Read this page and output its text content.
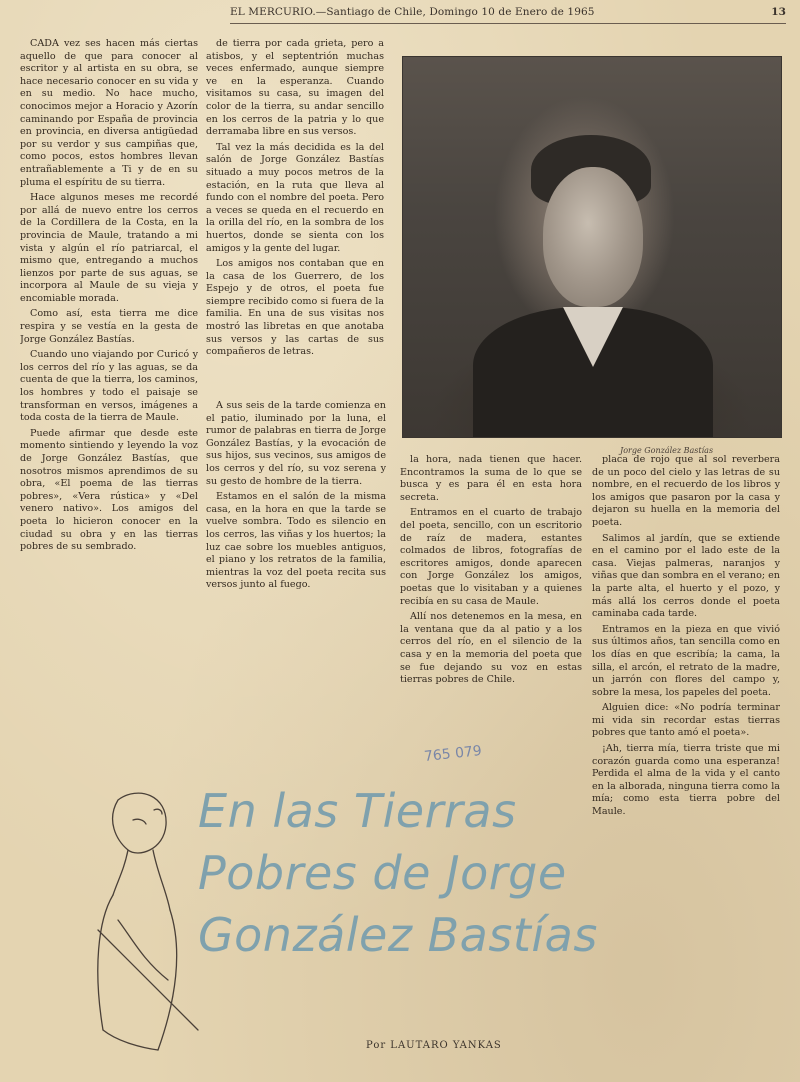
EL MERCURIO.—Santiago de Chile, Domingo 10 de Enero de 1965	13

CADA vez ses hacen más ciertas aquello de que para conocer al escritor y al artista en su obra, se hace necesario conocer en su vida y en su medio. No hace mucho, conocimos mejor a Horacio y Azorín caminando por España de provincia en provincia, en diversa antigüedad por su verdor y sus campiñas que, como pocos, estos hombres llevan entrañablemente a Ti y de en su pluma el espíritu de su tierra.

Hace algunos meses me recordé por allá de nuevo entre los cerros de la Cordillera de la Costa, en la provincia de Maule, tratando a mi vista y algún el río patriarcal, el mismo que, entregando a muchos lienzos por parte de sus aguas, se incorpora al Maule de su vieja y encomiable morada.

Como así, esta tierra me dice respira y se vestía en la gesta de Jorge González Bastías.

Cuando uno viajando por Curicó y los cerros del río y las aguas, se da cuenta de que la tierra, los caminos, los hombres y todo el paisaje se transforman en versos, imágenes a toda costa de la tierra de Maule.

Puede afirmar que desde este momento sintiendo y leyendo la voz de Jorge González Bastías, que nosotros mismos aprendimos de su obra, «El poema de las tierras pobres», «Vera rústica» y «Del venero nativo». Los amigos del poeta lo hicieron conocer en la ciudad su obra y en las tierras pobres de su sembrado.

de tierra por cada grieta, pero a atisbos, y el septentrión muchas veces enfermado, aunque siempre ve en la esperanza. Cuando visitamos su casa, su imagen del color de la tierra, su andar sencillo en los cerros de la patria y lo que derramaba libre en sus versos.

Tal vez la más decidida es la del salón de Jorge González Bastías situado a muy pocos metros de la estación, en la ruta que lleva al fundo con el nombre del poeta. Pero a veces se queda en el recuerdo en la orilla del río, en la sombra de los huertos, donde se sienta con los amigos y la gente del lugar.

Los amigos nos contaban que en la casa de los Guerrero, de los Espejo y de otros, el poeta fue siempre recibido como si fuera de la familia. En una de sus visitas nos mostró las libretas en que anotaba sus versos y las cartas de sus compañeros de letras.

A sus seis de la tarde comienza en el patio, iluminado por la luna, el rumor de palabras en tierra de Jorge González Bastías, y la evocación de sus hijos, sus vecinos, sus amigos de los cerros y del río, su voz serena y su gesto de hombre de la tierra.

Estamos en el salón de la misma casa, en la hora en que la tarde se vuelve sombra. Todo es silencio en los cerros, las viñas y los huertos; la luz cae sobre los muebles antiguos, el piano y los retratos de la familia, mientras la voz del poeta recita sus versos junto al fuego.

Jorge González Bastías

la hora, nada tienen que hacer. Encontramos la suma de lo que se busca y es para él en esta hora secreta.

Entramos en el cuarto de trabajo del poeta, sencillo, con un escritorio de raíz de madera, estantes colmados de libros, fotografías de escritores amigos, donde aparecen con Jorge González los amigos, poetas que lo visitaban y a quienes recibía en su casa de Maule.

Allí nos detenemos en la mesa, en la ventana que da al patio y a los cerros del río, en el silencio de la casa y en la memoria del poeta que se fue dejando su voz en estas tierras pobres de Chile.

placa de rojo que al sol reverbera de un poco del cielo y las letras de su nombre, en el recuerdo de los libros y los amigos que pasaron por la casa y dejaron su huella en la memoria del poeta.

Salimos al jardín, que se extiende en el camino por el lado este de la casa. Viejas palmeras, naranjos y viñas que dan sombra en el verano; en la parte alta, el huerto y el pozo, y más allá los cerros donde el poeta caminaba cada tarde.

Entramos en la pieza en que vivió sus últimos años, tan sencilla como en los días en que escribía; la cama, la silla, el arcón, el retrato de la madre, un jarrón con flores del campo y, sobre la mesa, los papeles del poeta.

Alguien dice: «No podría terminar mi vida sin recordar estas tierras pobres que tanto amó el poeta».

¡Ah, tierra mía, tierra triste que mi corazón guarda como una esperanza! Perdida el alma de la vida y el canto en la alborada, ninguna tierra como la mía; como esta tierra pobre del Maule.

765 079
En las Tierras
Pobres de Jorge
González Bastías
Por LAUTARO YANKAS
